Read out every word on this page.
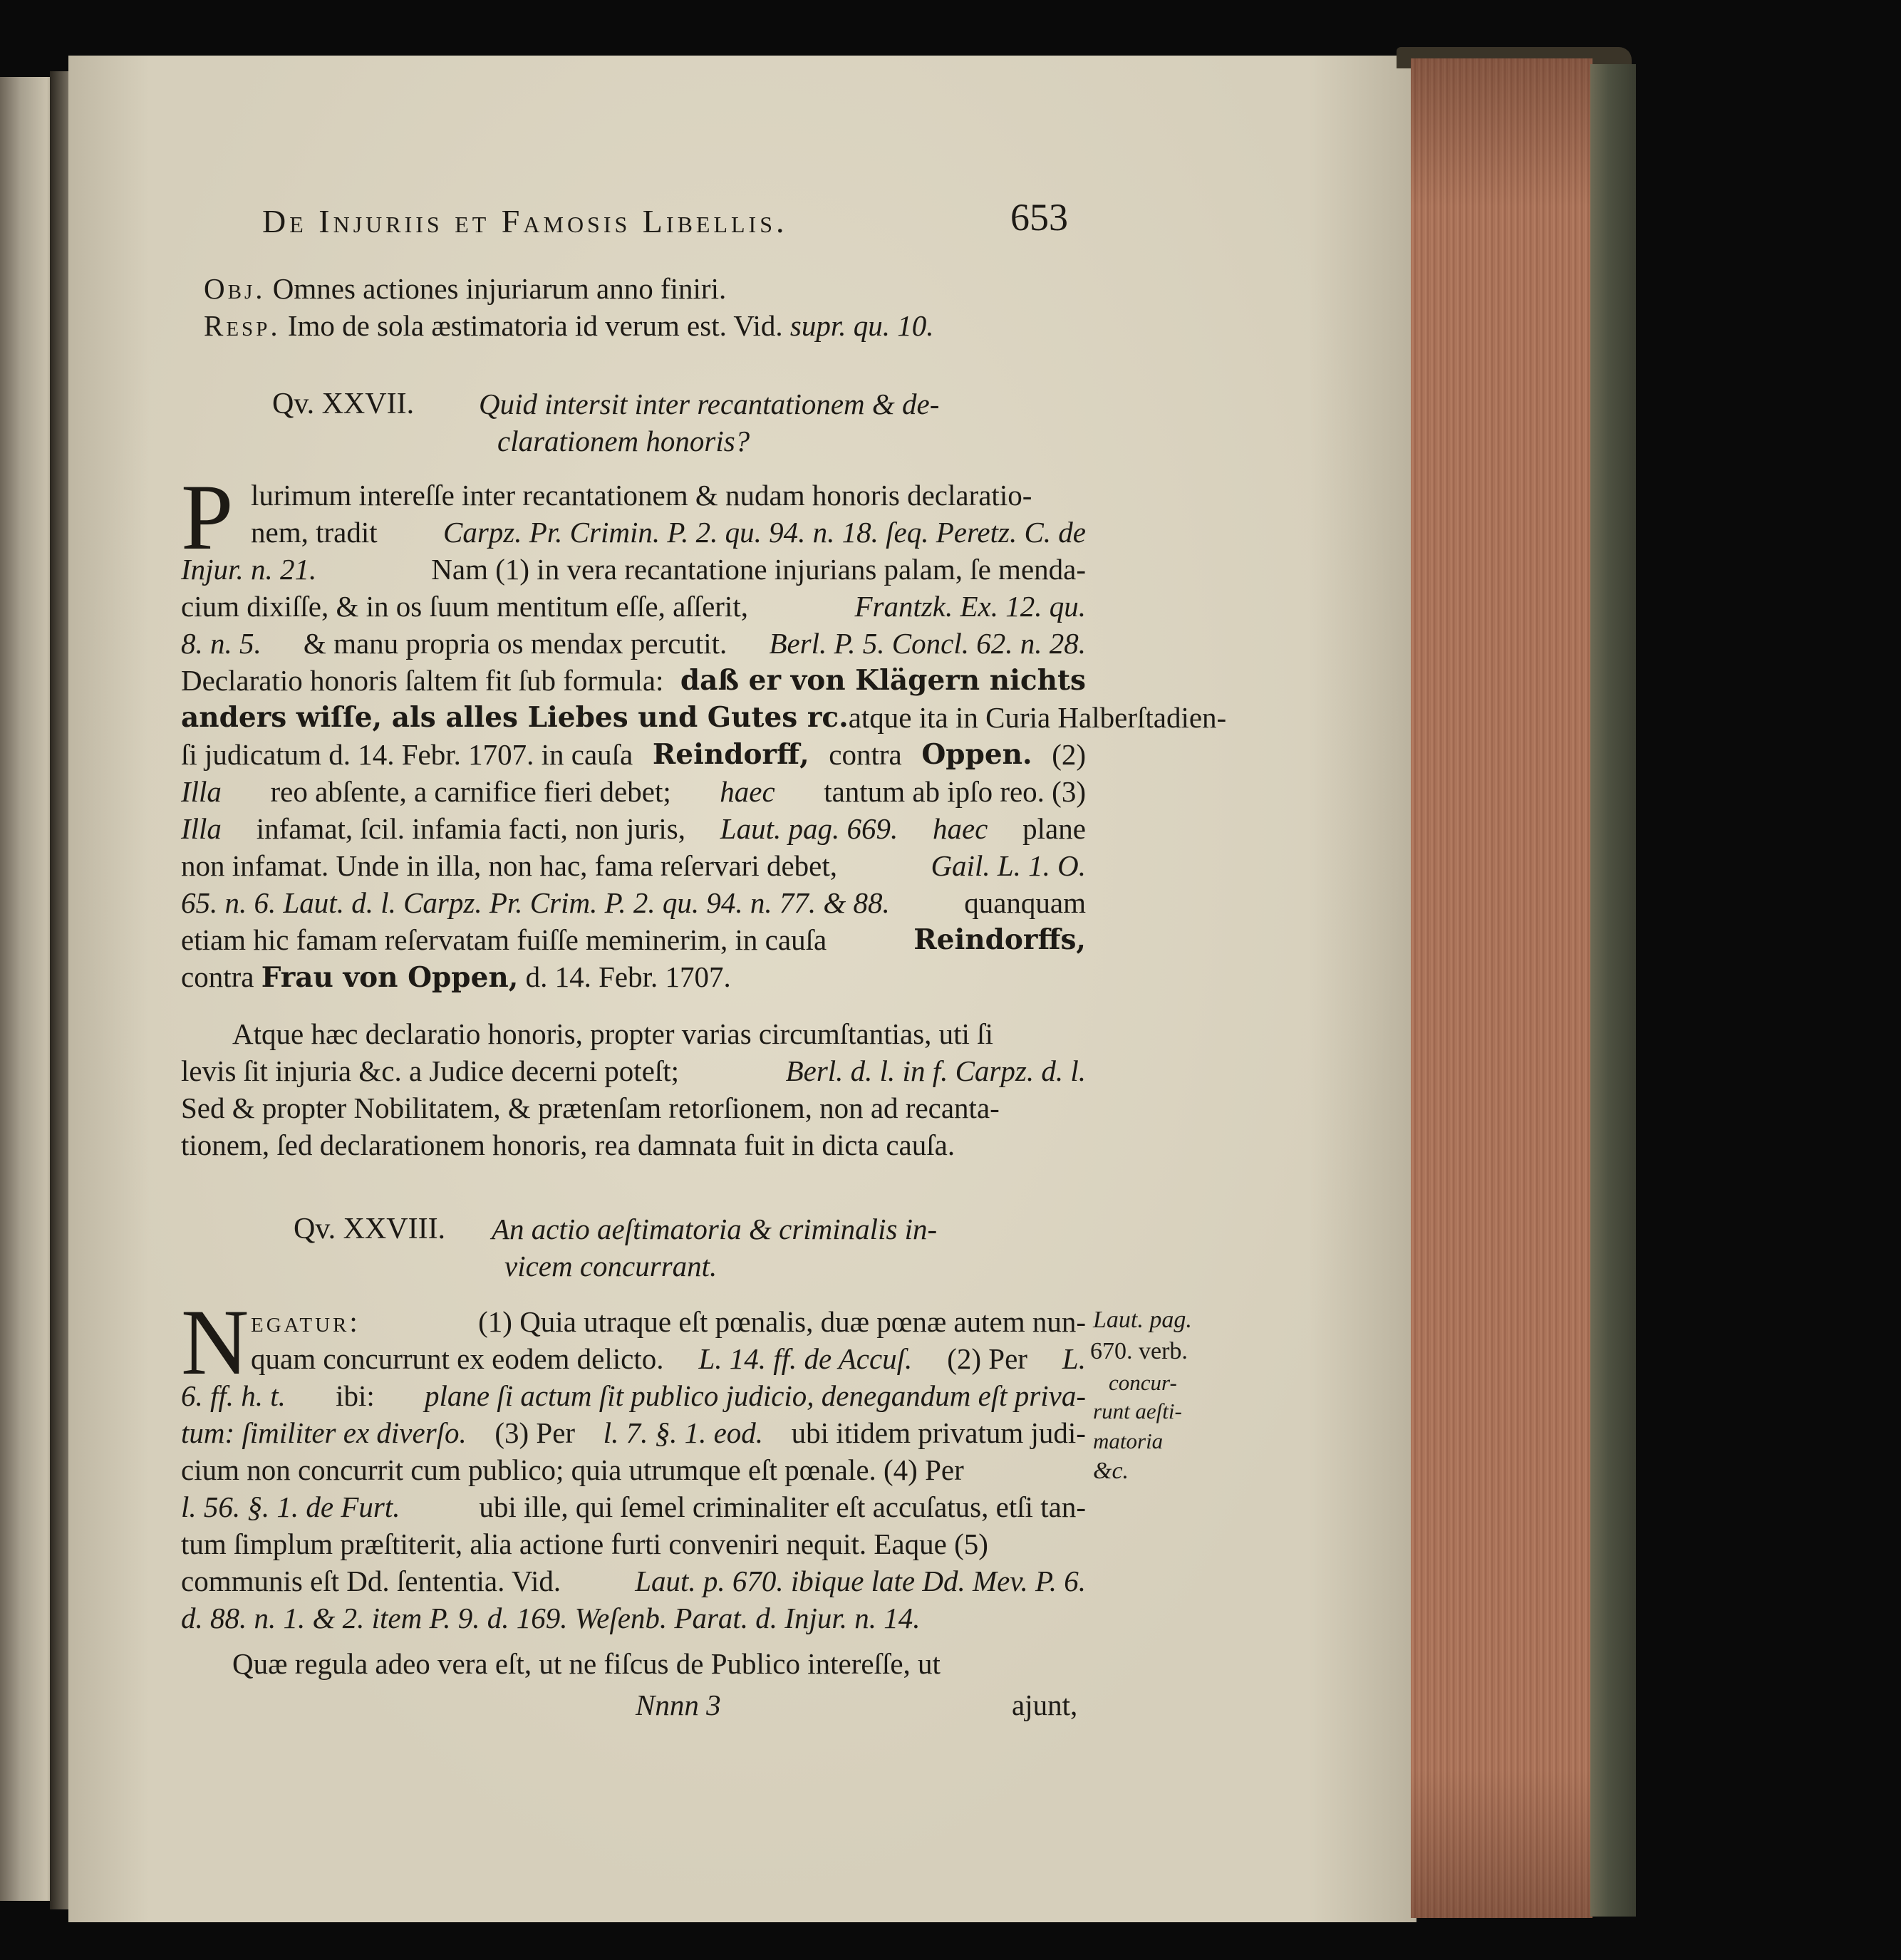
De Injuriis et Famosis Libellis.	653
Obj. Omnes actiones injuriarum anno finiri.
Resp. Imo de sola æstimatoria id verum est. Vid. supr. qu. 10.
Qv. XXVII. Quid intersit inter recantationem & de-
clarationem honoris?
P lurimum intereſſe inter recantationem & nudam honoris declaratio-
nem, tradit Carpz. Pr. Crimin. P. 2. qu. 94. n. 18. ſeq. Peretz. C. de
Injur. n. 21.	Nam (1) in vera recantatione injurians palam, ſe menda-
cium dixiſſe, & in os ſuum mentitum eſſe, aſſerit,	Frantzk. Ex. 12. qu.
8. n. 5. & manu propria os mendax percutit. Berl. P. 5. Concl. 62. n. 28.
Declaratio honoris ſaltem fit ſub formula: daß er von Klägern nichts
anders wiſſe, als alles Liebes und Gutes rc. atque ita in Curia Halberſtadien-
ſi judicatum d. 14. Febr. 1707. in cauſa Reindorff, contra Oppen. (2)
Illa reo abſente, a carnifice fieri debet; haec tantum ab ipſo reo. (3)
Illa infamat, ſcil. infamia facti, non juris, Laut. pag. 669. haec plane
non infamat. Unde in illa, non hac, fama reſervari debet,	Gail. L. 1. O.
65. n. 6. Laut. d. l. Carpz. Pr. Crim. P. 2. qu. 94. n. 77. & 88.	quanquam
etiam hic famam reſervatam fuiſſe meminerim, in cauſa	Reindorffs,
contra Frau von Oppen, d. 14. Febr. 1707.
Atque hæc declaratio honoris, propter varias circumſtantias, uti ſi
levis ſit injuria &c. a Judice decerni poteſt;	Berl. d. l. in f. Carpz. d. l.
Sed & propter Nobilitatem, & prætenſam retorſionem, non ad recanta-
tionem, ſed declarationem honoris, rea damnata fuit in dicta cauſa.
Qv. XXVIII. An actio aeſtimatoria & criminalis in-
vicem concurrant.
N egatur:	(1) Quia utraque eſt pœnalis, duæ pœnæ autem nun-
quam concurrunt ex eodem delicto. L. 14. ff. de Accuſ. (2) Per L.
6. ff. h. t. ibi: plane ſi actum ſit publico judicio, denegandum eſt priva-
tum: ſimiliter ex diverſo. (3) Per l. 7. §. 1. eod. ubi itidem privatum judi-
cium non concurrit cum publico; quia utrumque eſt pœnale. (4) Per
l. 56. §. 1. de Furt.	ubi ille, qui ſemel criminaliter eſt accuſatus, etſi tan-
tum ſimplum præſtiterit, alia actione furti conveniri nequit. Eaque (5)
communis eſt Dd. ſententia. Vid.	Laut. p. 670. ibique late Dd. Mev. P. 6.
d. 88. n. 1. & 2. item P. 9. d. 169. Weſenb. Parat. d. Injur. n. 14.
Quæ regula adeo vera eſt, ut ne fiſcus de Publico intereſſe, ut
Nnnn 3	ajunt,
Laut. pag.
670. verb.
concur-
runt aeſti-
matoria
&c.
